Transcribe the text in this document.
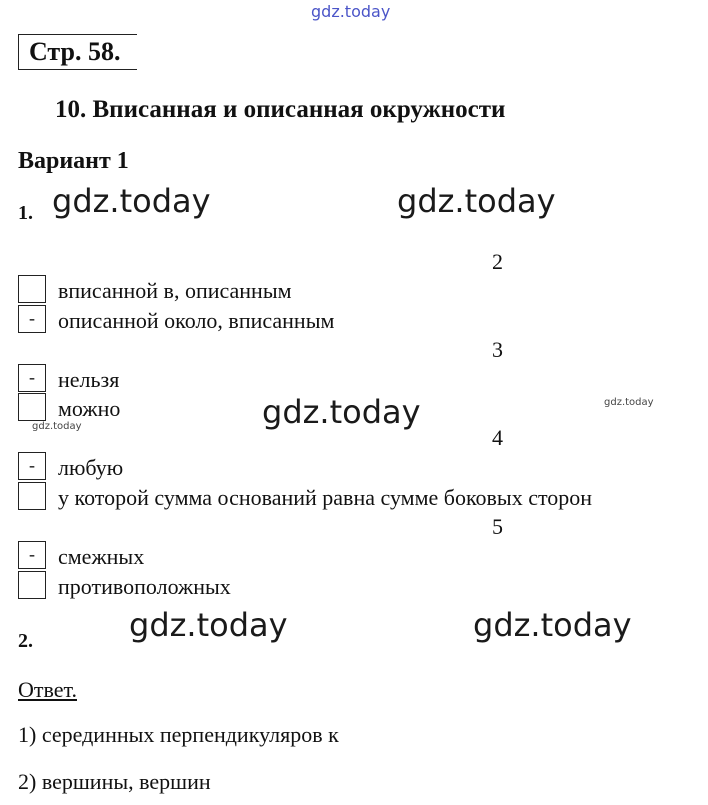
gdz.today
gdz.today	gdz.today
gdz.today	gdz.today
gdz.today
gdz.today	gdz.today
Стр. 58.
10. Вписанная и описанная окружности
Вариант 1
1.
2
вписанной в, описанным
-	описанной около, вписанным
3
-	нельзя
можно
4
-	любую
у которой сумма оснований равна сумме боковых сторон
5
-	смежных
противоположных
2.
Ответ.
1) серединных перпендикуляров к
2) вершины, вершин
